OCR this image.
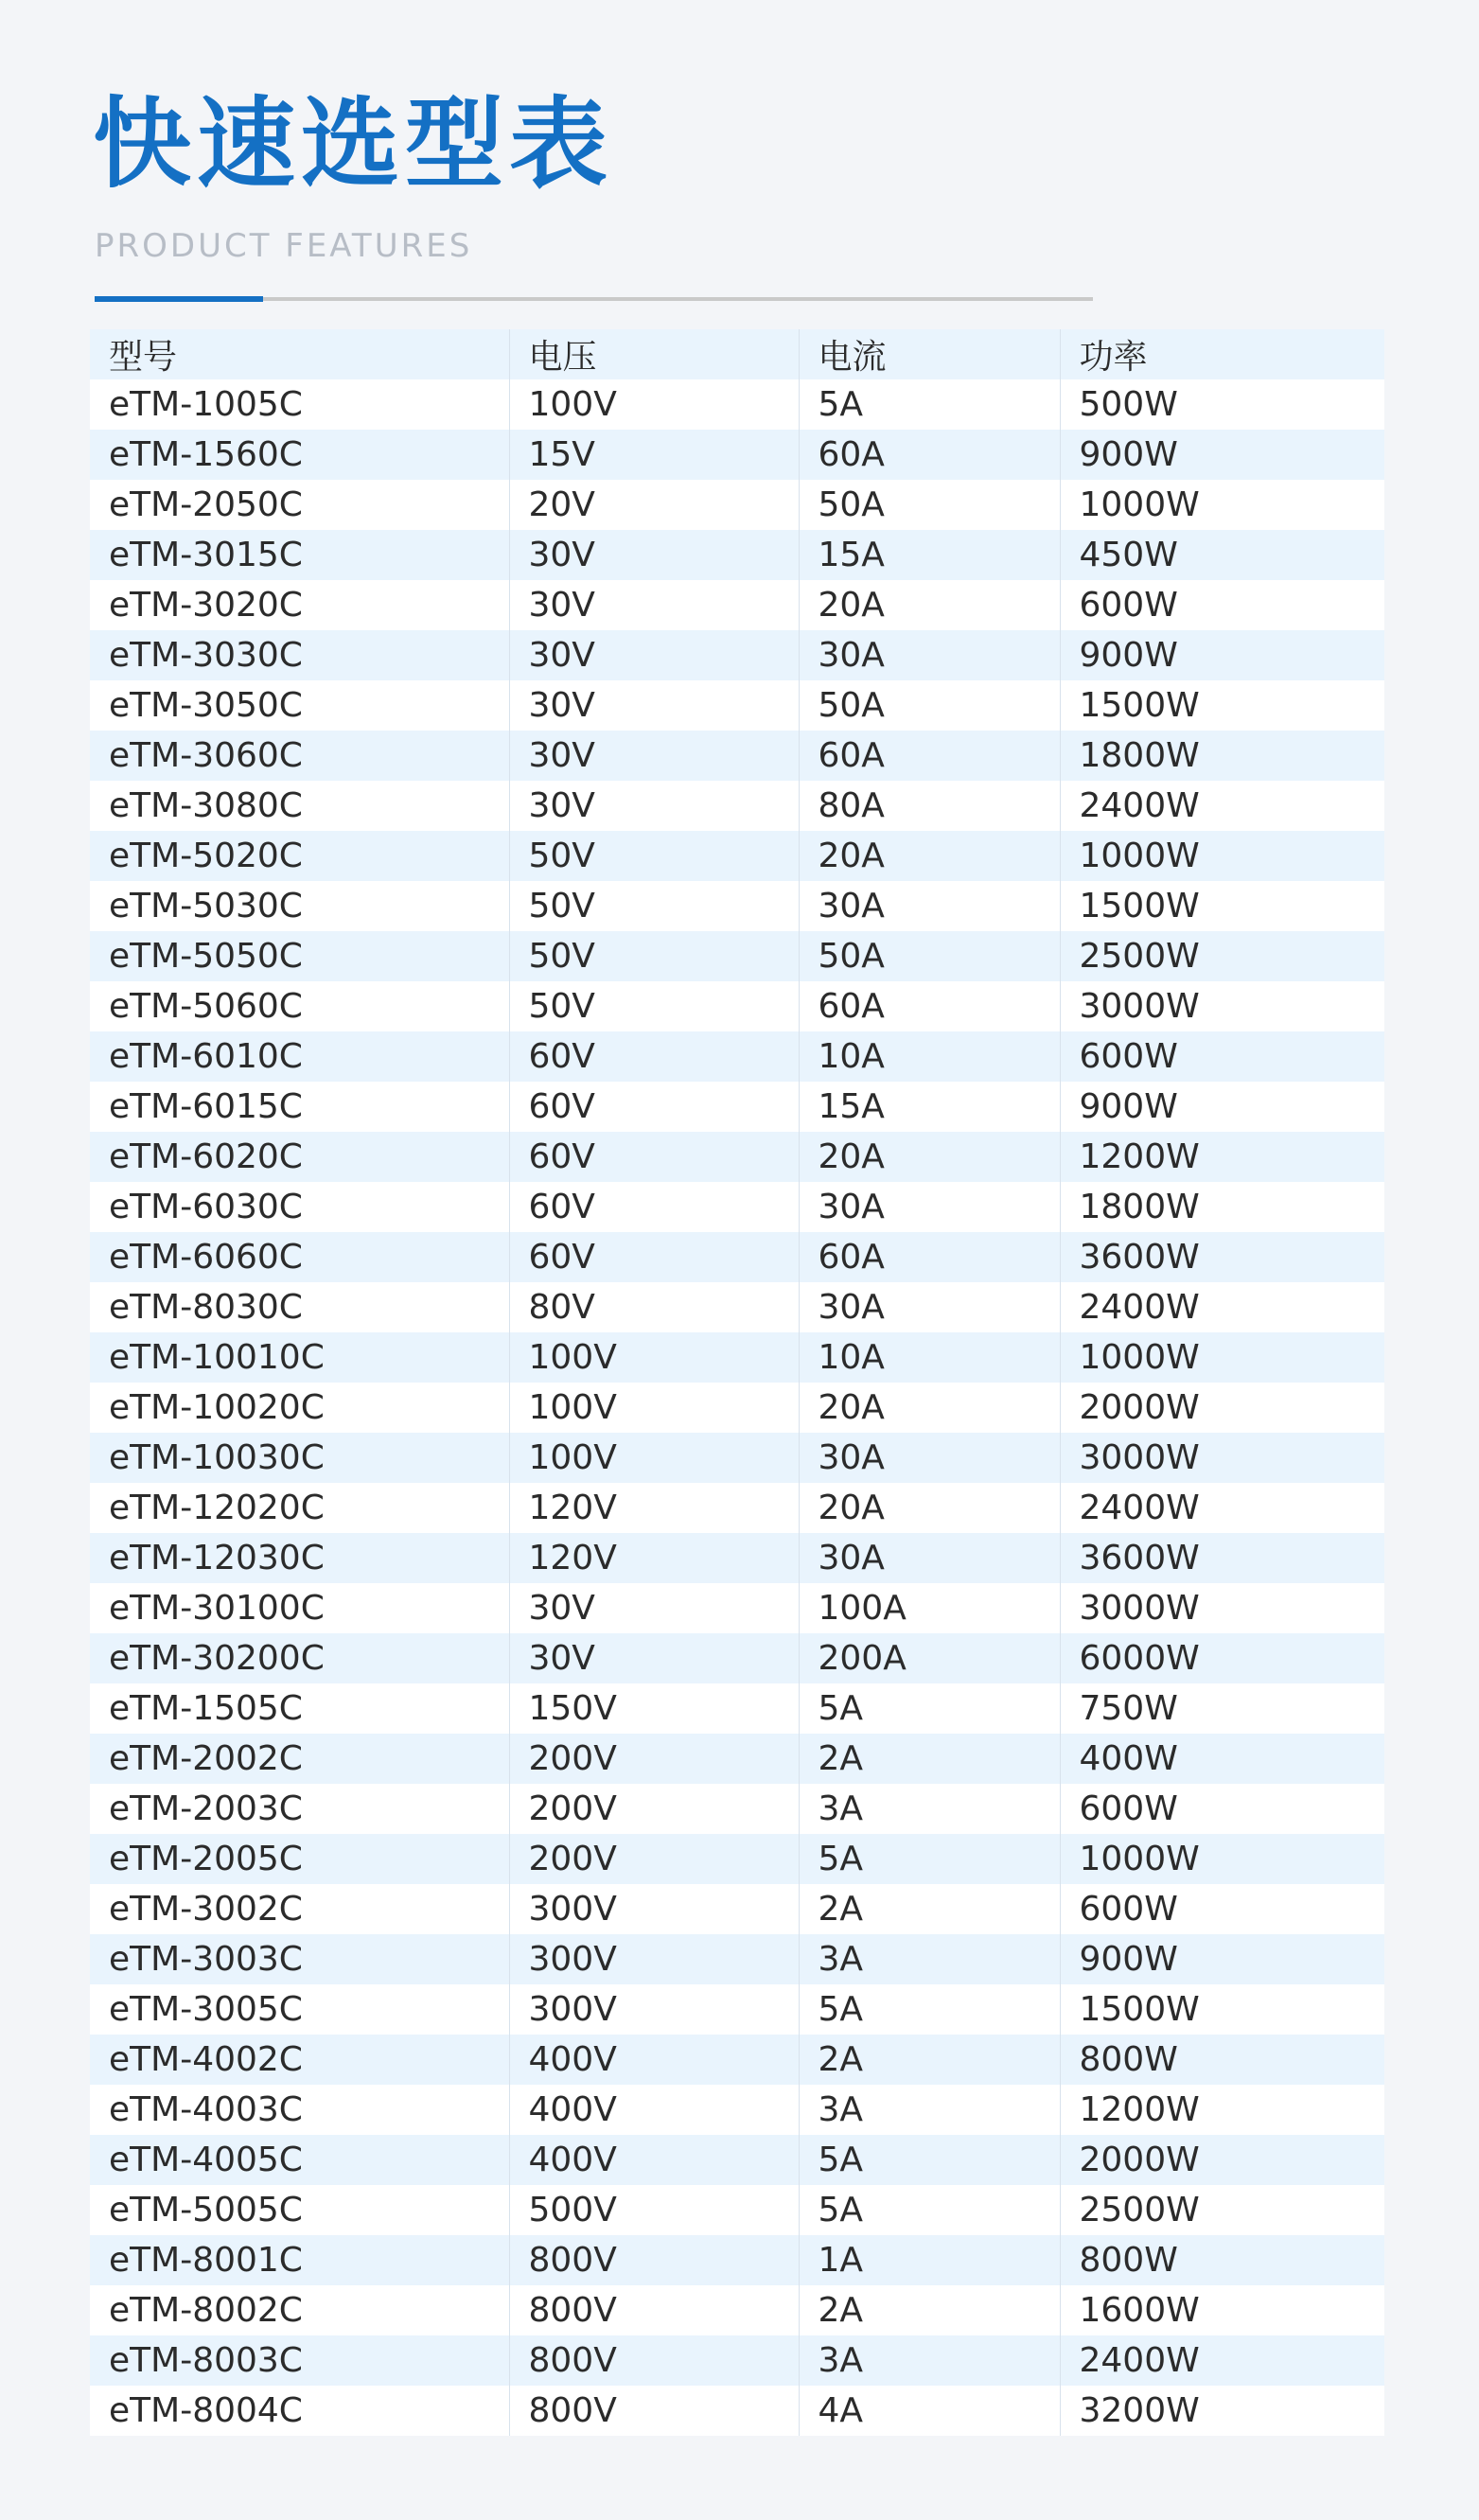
快速选型表

PRODUCT FEATURES

型号	电压	电流	功率
eTM-1005C	100V	5A	500W
eTM-1560C	15V	60A	900W
eTM-2050C	20V	50A	1000W
eTM-3015C	30V	15A	450W
eTM-3020C	30V	20A	600W
eTM-3030C	30V	30A	900W
eTM-3050C	30V	50A	1500W
eTM-3060C	30V	60A	1800W
eTM-3080C	30V	80A	2400W
eTM-5020C	50V	20A	1000W
eTM-5030C	50V	30A	1500W
eTM-5050C	50V	50A	2500W
eTM-5060C	50V	60A	3000W
eTM-6010C	60V	10A	600W
eTM-6015C	60V	15A	900W
eTM-6020C	60V	20A	1200W
eTM-6030C	60V	30A	1800W
eTM-6060C	60V	60A	3600W
eTM-8030C	80V	30A	2400W
eTM-10010C	100V	10A	1000W
eTM-10020C	100V	20A	2000W
eTM-10030C	100V	30A	3000W
eTM-12020C	120V	20A	2400W
eTM-12030C	120V	30A	3600W
eTM-30100C	30V	100A	3000W
eTM-30200C	30V	200A	6000W
eTM-1505C	150V	5A	750W
eTM-2002C	200V	2A	400W
eTM-2003C	200V	3A	600W
eTM-2005C	200V	5A	1000W
eTM-3002C	300V	2A	600W
eTM-3003C	300V	3A	900W
eTM-3005C	300V	5A	1500W
eTM-4002C	400V	2A	800W
eTM-4003C	400V	3A	1200W
eTM-4005C	400V	5A	2000W
eTM-5005C	500V	5A	2500W
eTM-8001C	800V	1A	800W
eTM-8002C	800V	2A	1600W
eTM-8003C	800V	3A	2400W
eTM-8004C	800V	4A	3200W
